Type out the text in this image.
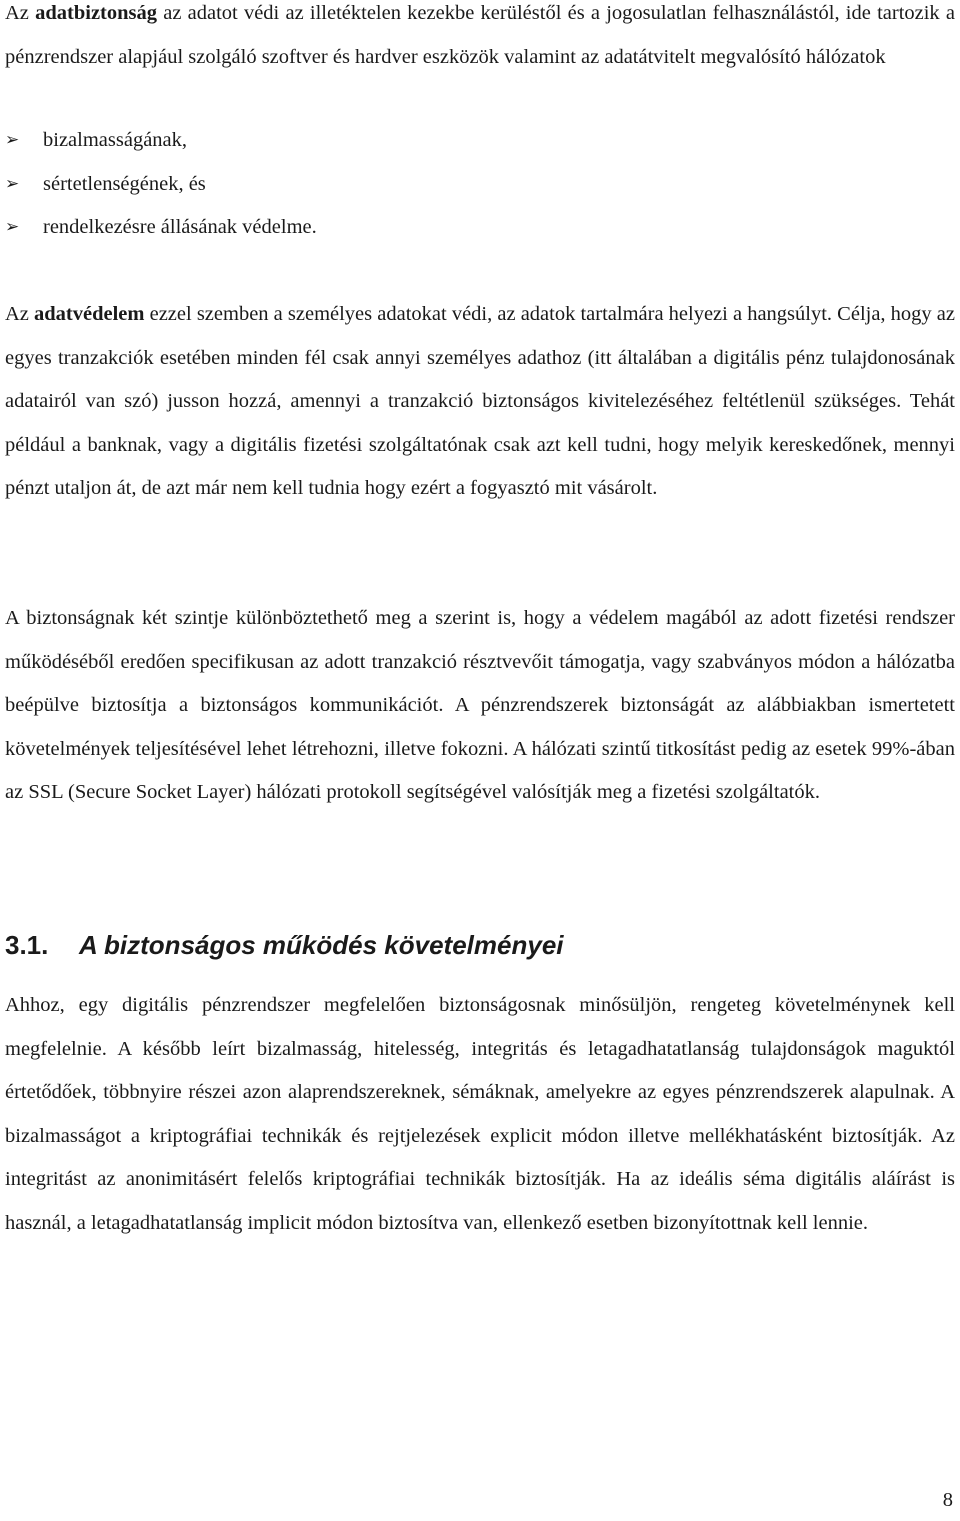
Az adatbiztonság az adatot védi az illetéktelen kezekbe kerüléstől és a jogosulatlan felhasználástól, ide tartozik a pénzrendszer alapjául szolgáló szoftver és hardver eszközök valamint az adatátvitelt megvalósító hálózatok

➢ bizalmasságának,
➢ sértetlenségének, és
➢ rendelkezésre állásának védelme.

Az adatvédelem ezzel szemben a személyes adatokat védi, az adatok tartalmára helyezi a hangsúlyt. Célja, hogy az egyes tranzakciók esetében minden fél csak annyi személyes adathoz (itt általában a digitális pénz tulajdonosának adatairól van szó) jusson hozzá, amennyi a tranzakció biztonságos kivitelezéséhez feltétlenül szükséges. Tehát például a banknak, vagy a digitális fizetési szolgáltatónak csak azt kell tudni, hogy melyik kereskedőnek, mennyi pénzt utaljon át, de azt már nem kell tudnia hogy ezért a fogyasztó mit vásárolt.

A biztonságnak két szintje különböztethető meg a szerint is, hogy a védelem magából az adott fizetési rendszer működéséből eredően specifikusan az adott tranzakció résztvevőit támogatja, vagy szabványos módon a hálózatba beépülve biztosítja a biztonságos kommunikációt. A pénzrendszerek biztonságát az alábbiakban ismertetett követelmények teljesítésével lehet létrehozni, illetve fokozni. A hálózati szintű titkosítást pedig az esetek 99%-ában az SSL (Secure Socket Layer) hálózati protokoll segítségével valósítják meg a fizetési szolgáltatók.

3.1. A biztonságos működés követelményei

Ahhoz, egy digitális pénzrendszer megfelelően biztonságosnak minősüljön, rengeteg követelménynek kell megfelelnie. A később leírt bizalmasság, hitelesség, integritás és letagadhatatlanság tulajdonságok maguktól értetődőek, többnyire részei azon alaprendszereknek, sémáknak, amelyekre az egyes pénzrendszerek alapulnak. A bizalmasságot a kriptográfiai technikák és rejtjelezések explicit módon illetve mellékhatásként biztosítják. Az integritást az anonimitásért felelős kriptográfiai technikák biztosítják. Ha az ideális séma digitális aláírást is használ, a letagadhatatlanság implicit módon biztosítva van, ellenkező esetben bizonyítottnak kell lennie.

8
